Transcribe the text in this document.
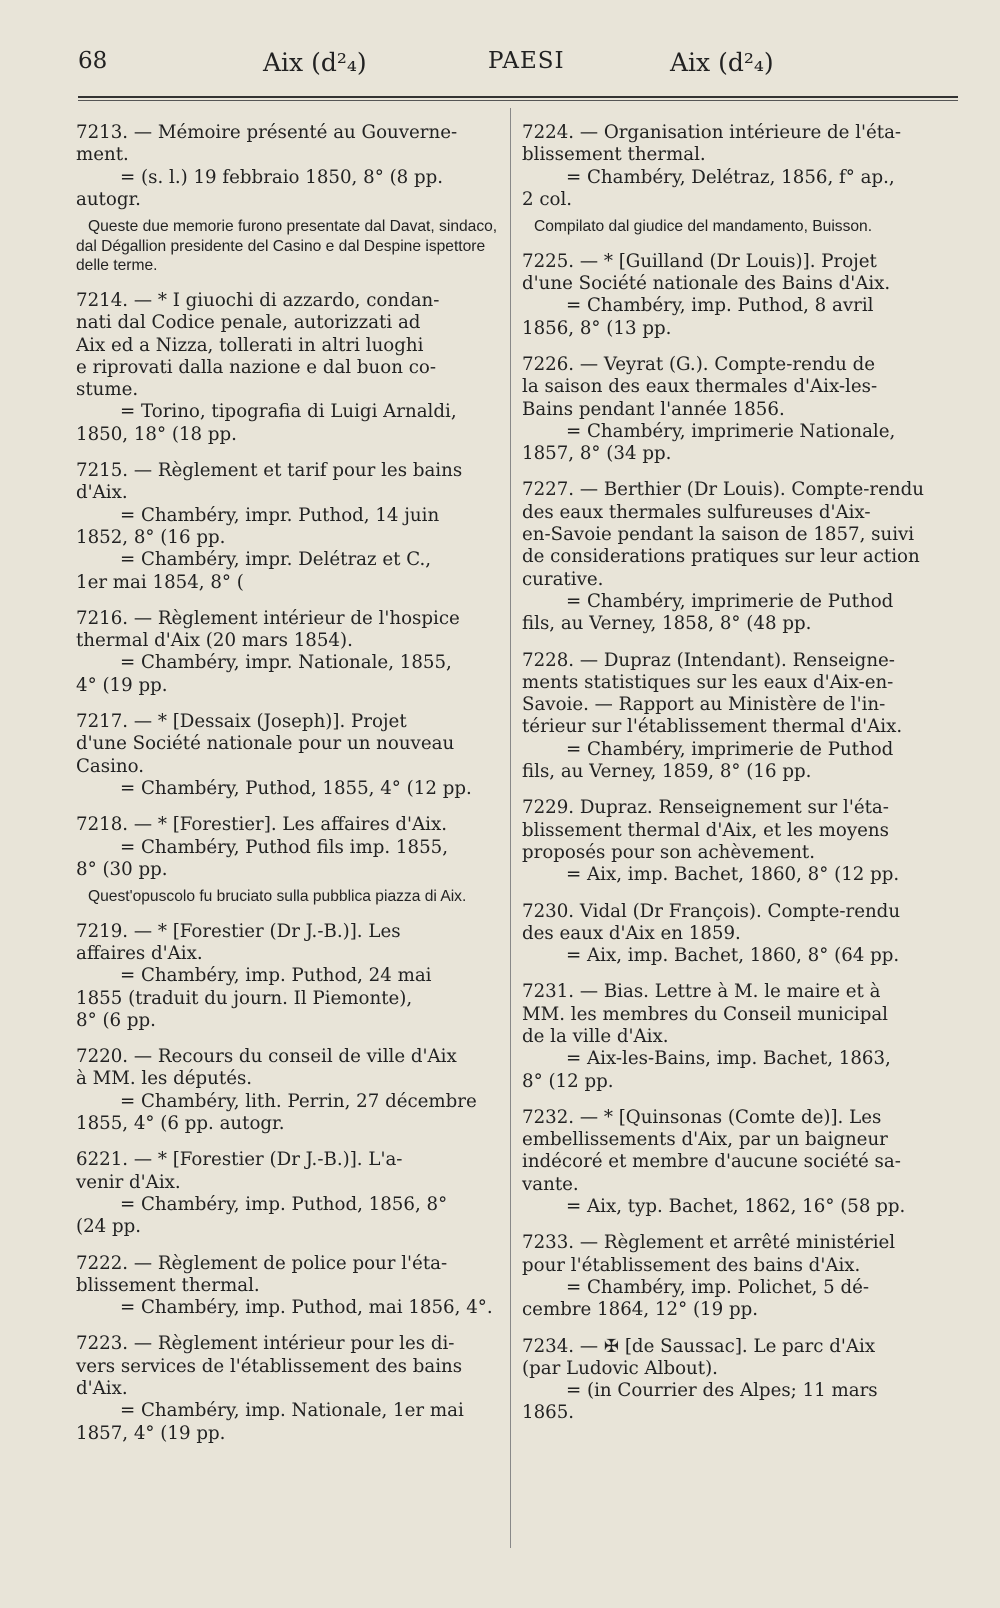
68	Aix (d²₄)	PAESI	Aix (d²₄)
7213. — Mémoire présenté au Gouverne-
ment.
= (s. l.) 19 febbraio 1850, 8° (8 pp.
autogr.
Queste due memorie furono presentate dal Davat, sindaco, dal Dégallion presidente del Casino e dal Despine ispettore delle terme.
7214. — * I giuochi di azzardo, condan-
nati dal Codice penale, autorizzati ad
Aix ed a Nizza, tollerati in altri luoghi
e riprovati dalla nazione e dal buon co-
stume.
= Torino, tipografia di Luigi Arnaldi,
1850, 18° (18 pp.
7215. — Règlement et tarif pour les bains
d'Aix.
= Chambéry, impr. Puthod, 14 juin
1852, 8° (16 pp.
= Chambéry, impr. Delétraz et C.,
1er mai 1854, 8° (
7216. — Règlement intérieur de l'hospice
thermal d'Aix (20 mars 1854).
= Chambéry, impr. Nationale, 1855,
4° (19 pp.
7217. — * [Dessaix (Joseph)]. Projet
d'une Société nationale pour un nouveau
Casino.
= Chambéry, Puthod, 1855, 4° (12 pp.
7218. — * [Forestier]. Les affaires d'Aix.
= Chambéry, Puthod fils imp. 1855,
8° (30 pp.
Quest'opuscolo fu bruciato sulla pubblica piazza di Aix.
7219. — * [Forestier (Dr J.-B.)]. Les
affaires d'Aix.
= Chambéry, imp. Puthod, 24 mai
1855 (traduit du journ. Il Piemonte),
8° (6 pp.
7220. — Recours du conseil de ville d'Aix
à MM. les députés.
= Chambéry, lith. Perrin, 27 décembre
1855, 4° (6 pp. autogr.
6221. — * [Forestier (Dr J.-B.)]. L'a-
venir d'Aix.
= Chambéry, imp. Puthod, 1856, 8°
(24 pp.
7222. — Règlement de police pour l'éta-
blissement thermal.
= Chambéry, imp. Puthod, mai 1856, 4°.
7223. — Règlement intérieur pour les di-
vers services de l'établissement des bains
d'Aix.
= Chambéry, imp. Nationale, 1er mai
1857, 4° (19 pp.
7224. — Organisation intérieure de l'éta-
blissement thermal.
= Chambéry, Delétraz, 1856, f° ap.,
2 col.
Compilato dal giudice del mandamento, Buisson.
7225. — * [Guilland (Dr Louis)]. Projet
d'une Société nationale des Bains d'Aix.
= Chambéry, imp. Puthod, 8 avril
1856, 8° (13 pp.
7226. — Veyrat (G.). Compte-rendu de
la saison des eaux thermales d'Aix-les-
Bains pendant l'année 1856.
= Chambéry, imprimerie Nationale,
1857, 8° (34 pp.
7227. — Berthier (Dr Louis). Compte-rendu
des eaux thermales sulfureuses d'Aix-
en-Savoie pendant la saison de 1857, suivi
de considerations pratiques sur leur action
curative.
= Chambéry, imprimerie de Puthod
fils, au Verney, 1858, 8° (48 pp.
7228. — Dupraz (Intendant). Renseigne-
ments statistiques sur les eaux d'Aix-en-
Savoie. — Rapport au Ministère de l'in-
térieur sur l'établissement thermal d'Aix.
= Chambéry, imprimerie de Puthod
fils, au Verney, 1859, 8° (16 pp.
7229. Dupraz. Renseignement sur l'éta-
blissement thermal d'Aix, et les moyens
proposés pour son achèvement.
= Aix, imp. Bachet, 1860, 8° (12 pp.
7230. Vidal (Dr François). Compte-rendu
des eaux d'Aix en 1859.
= Aix, imp. Bachet, 1860, 8° (64 pp.
7231. — Bias. Lettre à M. le maire et à
MM. les membres du Conseil municipal
de la ville d'Aix.
= Aix-les-Bains, imp. Bachet, 1863,
8° (12 pp.
7232. — * [Quinsonas (Comte de)]. Les
embellissements d'Aix, par un baigneur
indécoré et membre d'aucune société sa-
vante.
= Aix, typ. Bachet, 1862, 16° (58 pp.
7233. — Règlement et arrêté ministériel
pour l'établissement des bains d'Aix.
= Chambéry, imp. Polichet, 5 dé-
cembre 1864, 12° (19 pp.
7234. — ✠ [de Saussac]. Le parc d'Aix
(par Ludovic Albout).
= (in Courrier des Alpes; 11 mars
1865.
